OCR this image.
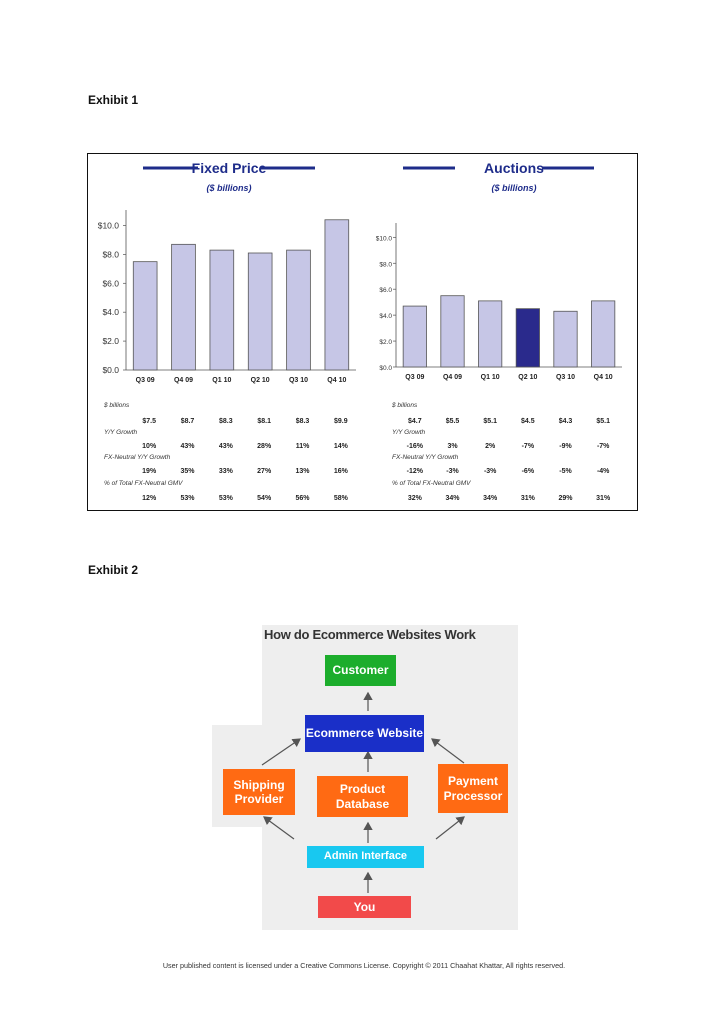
Exhibit 1
Fixed Price
($ billions)
$0.0
$2.0
$4.0
$6.0
$8.0
$10.0
Q3 09	Q4 09	Q1 10	Q2 10	Q3 10	Q4 10
$ billions
$7.5	$8.7	$8.3	$8.1	$8.3	$9.9
Y/Y Growth
10%	43%	43%	28%	11%	14%
FX-Neutral Y/Y Growth
19%	35%	33%	27%	13%	16%
% of Total FX-Neutral GMV
12%	53%	53%	54%	56%	58%
Auctions
($ billions)
$0.0
$2.0
$4.0
$6.0
$8.0
$10.0
Q3 09	Q4 09	Q1 10	Q2 10	Q3 10	Q4 10
$ billions
$4.7	$5.5	$5.1	$4.5	$4.3	$5.1
Y/Y Growth
-16%	3%	2%	-7%	-9%	-7%
FX-Neutral Y/Y Growth
-12%	-3%	-3%	-6%	-5%	-4%
% of Total FX-Neutral GMV
32%	34%	34%	31%	29%	31%
Exhibit 2
How do Ecommerce Websites Work
Customer
Ecommerce Website
Shipping
Provider
Product
Database
Payment
Processor
Admin Interface
You
User published content is licensed under a Creative Commons License. Copyright © 2011 Chaahat Khattar, All rights reserved.
